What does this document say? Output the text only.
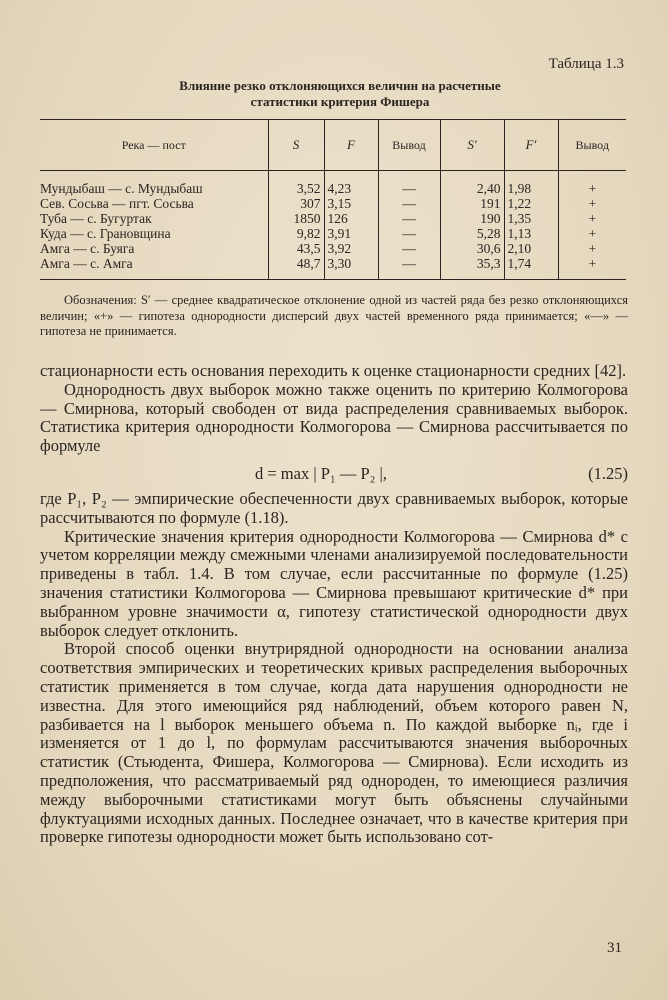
Таблица 1.3
Влияние резко отклоняющихся величин на расчетные
статистики критерия Фишера
Река — пост	S	F	Вывод	S′	F′	Вывод
Мундыбаш — с. Мундыбаш	3,52	4,23	—	2,40	1,98	+
Сев. Сосьва — пгт. Сосьва	307	3,15	—	191	1,22	+
Туба — с. Бугуртак	1850	126	—	190	1,35	+
Куда — с. Грановщина	9,82	3,91	—	5,28	1,13	+
Амга — с. Буяга	43,5	3,92	—	30,6	2,10	+
Амга — с. Амга	48,7	3,30	—	35,3	1,74	+
Обозначения: S′ — среднее квадратическое отклонение одной из частей ряда без резко отклоняющихся величин; «+» — гипотеза однородности дисперсий двух частей временного ряда принимается; «—» — гипотеза не принимается.

стационарности есть основания переходить к оценке стационарности средних [42].

Однородность двух выборок можно также оценить по критерию Колмогорова — Смирнова, который свободен от вида распределения сравниваемых выборок. Статистика критерия однородности Колмогорова — Смирнова рассчитывается по формуле

d = max | P₁ — P₂ |,	(1.25)

где P₁, P₂ — эмпирические обеспеченности двух сравниваемых выборок, которые рассчитываются по формуле (1.18).

Критические значения критерия однородности Колмогорова — Смирнова d* с учетом корреляции между смежными членами анализируемой последовательности приведены в табл. 1.4. В том случае, если рассчитанные по формуле (1.25) значения статистики Колмогорова — Смирнова превышают критические d* при выбранном уровне значимости α, гипотезу статистической однородности двух выборок следует отклонить.

Второй способ оценки внутрирядной однородности на основании анализа соответствия эмпирических и теоретических кривых распределения выборочных статистик применяется в том случае, когда дата нарушения однородности не известна. Для этого имеющийся ряд наблюдений, объем которого равен N, разбивается на l выборок меньшего объема n. По каждой выборке nᵢ, где i изменяется от 1 до l, по формулам рассчитываются значения выборочных статистик (Стьюдента, Фишера, Колмогорова — Смирнова). Если исходить из предположения, что рассматриваемый ряд однороден, то имеющиеся различия между выборочными статистиками могут быть объяснены случайными флуктуациями исходных данных. Последнее означает, что в качестве критерия при проверке гипотезы однородности может быть использовано сот-

31
